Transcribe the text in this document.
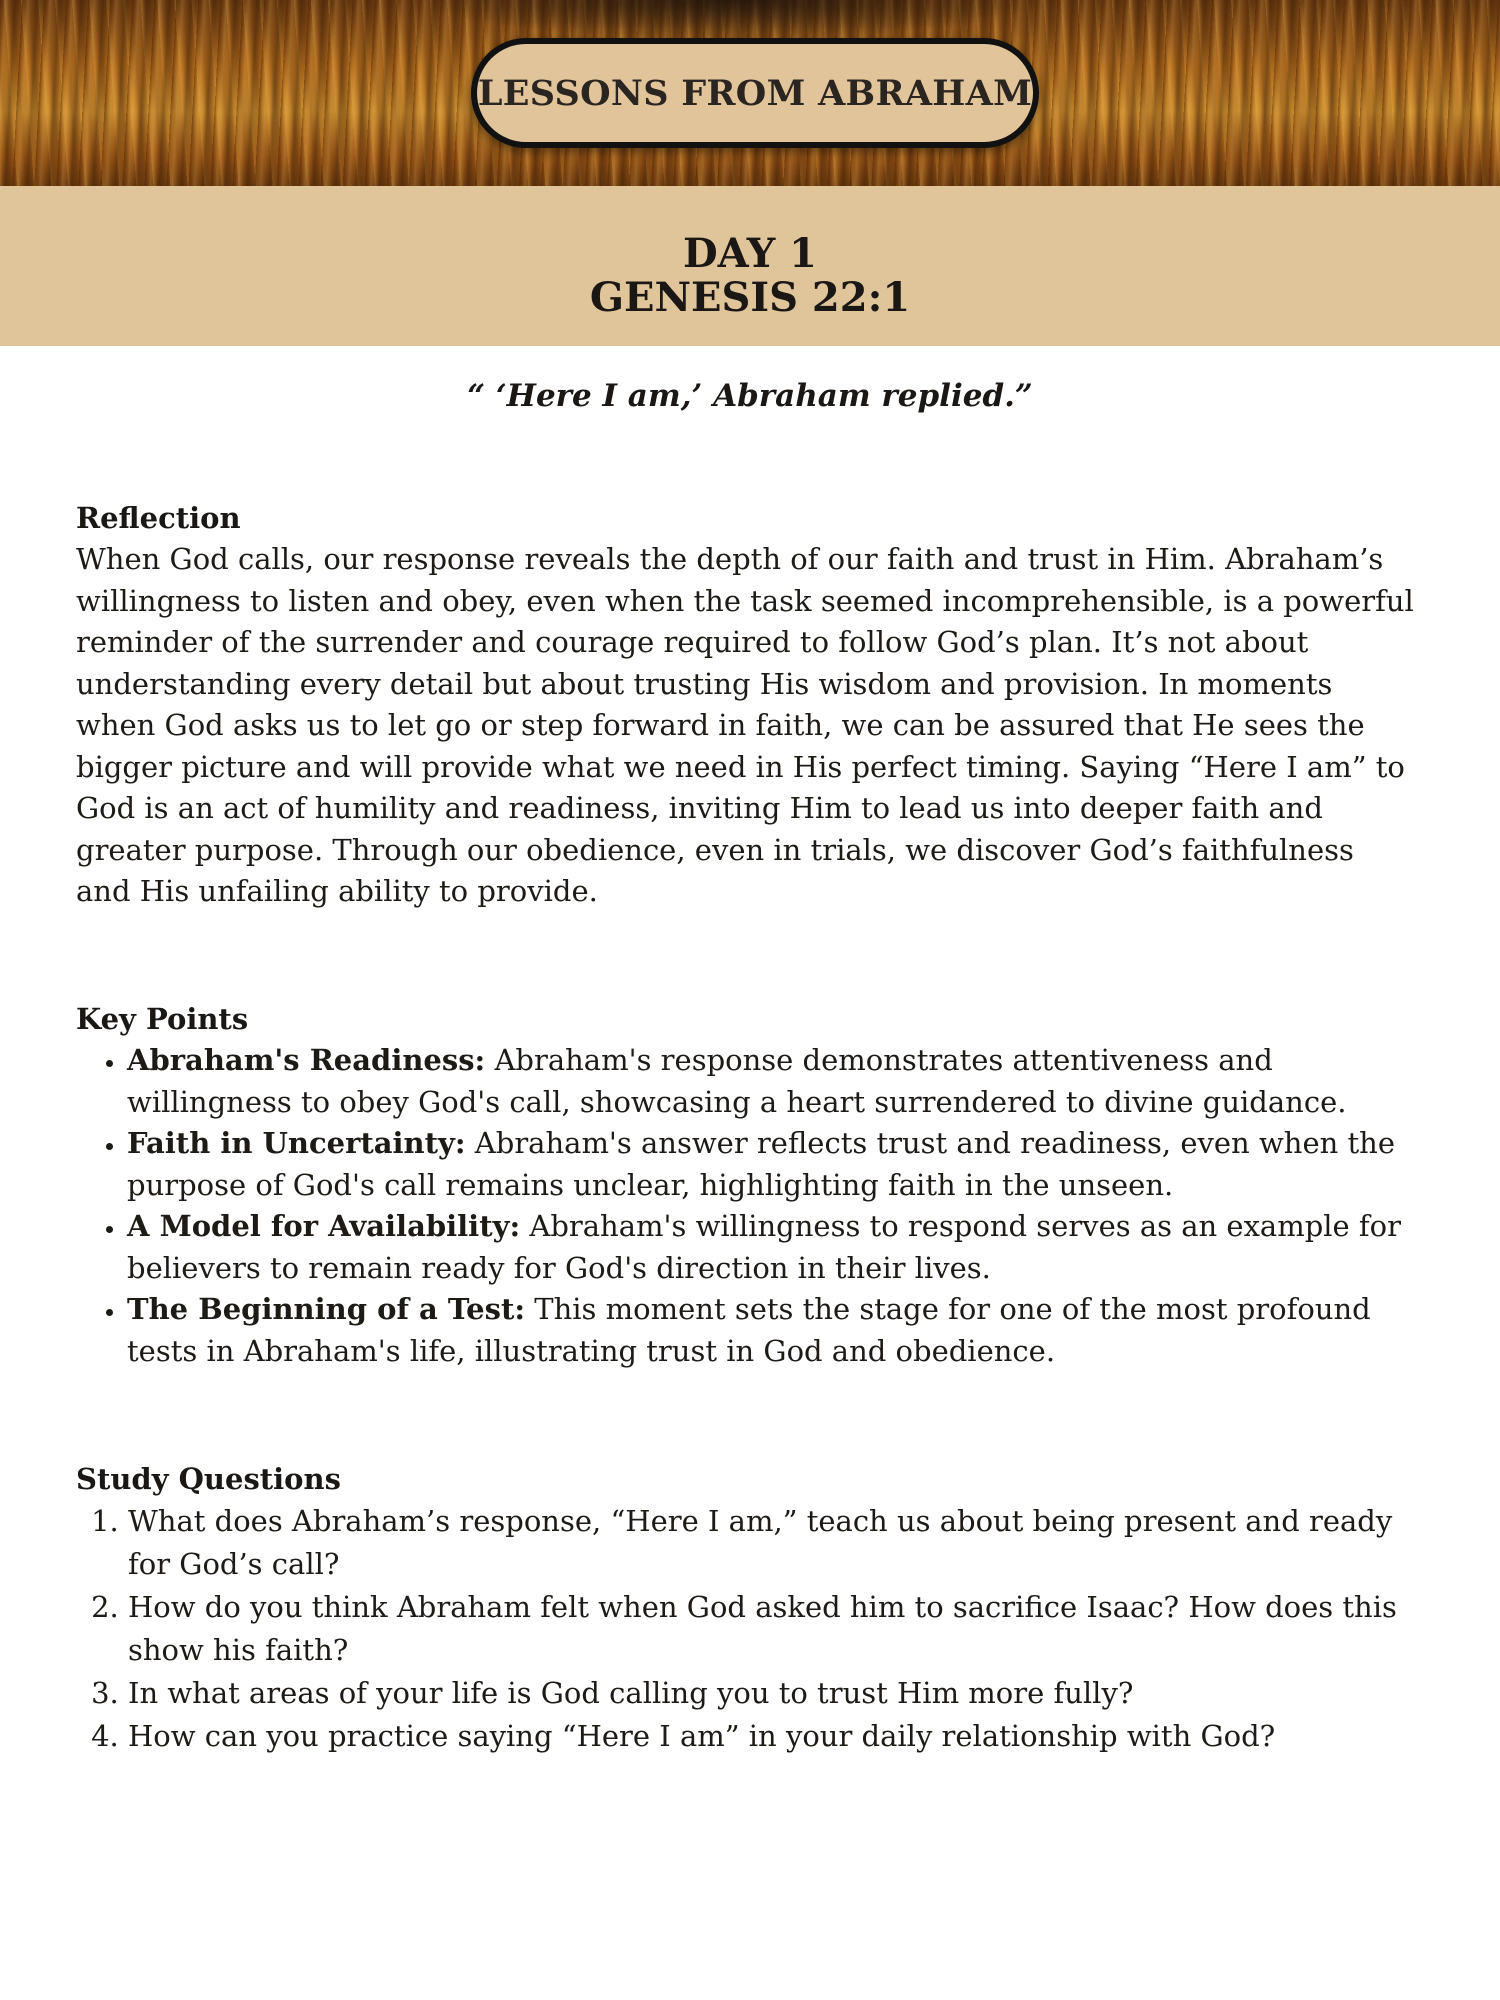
LESSONS FROM ABRAHAM
DAY 1
GENESIS 22:1
“ ‘Here I am,’ Abraham replied.”
Reflection

When God calls, our response reveals the depth of our faith and trust in Him. Abraham’s willingness to listen and obey, even when the task seemed incomprehensible, is a powerful reminder of the surrender and courage required to follow God’s plan. It’s not about understanding every detail but about trusting His wisdom and provision. In moments when God asks us to let go or step forward in faith, we can be assured that He sees the bigger picture and will provide what we need in His perfect timing. Saying “Here I am” to God is an act of humility and readiness, inviting Him to lead us into deeper faith and greater purpose. Through our obedience, even in trials, we discover God’s faithfulness and His unfailing ability to provide.

Key Points
• Abraham's Readiness: Abraham's response demonstrates attentiveness and willingness to obey God's call, showcasing a heart surrendered to divine guidance.
• Faith in Uncertainty: Abraham's answer reflects trust and readiness, even when the purpose of God's call remains unclear, highlighting faith in the unseen.
• A Model for Availability: Abraham's willingness to respond serves as an example for believers to remain ready for God's direction in their lives.
• The Beginning of a Test: This moment sets the stage for one of the most profound tests in Abraham's life, illustrating trust in God and obedience.
Study Questions
1. What does Abraham’s response, “Here I am,” teach us about being present and ready for God’s call?
2. How do you think Abraham felt when God asked him to sacrifice Isaac? How does this show his faith?
3. In what areas of your life is God calling you to trust Him more fully?
4. How can you practice saying “Here I am” in your daily relationship with God?
